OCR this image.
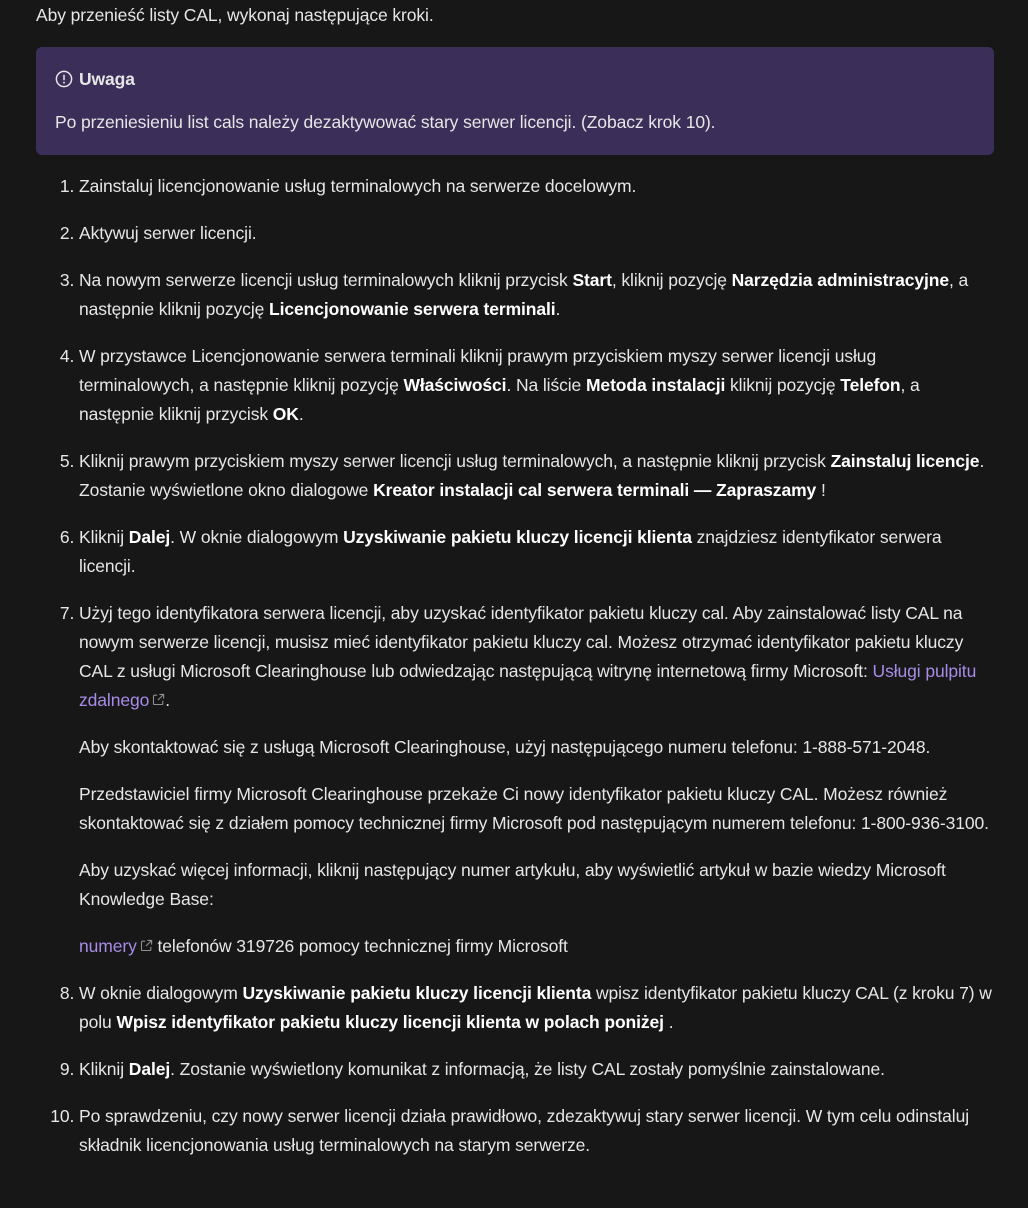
Aby przenieść listy CAL, wykonaj następujące kroki.

Uwaga

Po przeniesieniu list cals należy dezaktywować stary serwer licencji. (Zobacz krok 10).

1. Zainstaluj licencjonowanie usług terminalowych na serwerze docelowym.
2. Aktywuj serwer licencji.
3. Na nowym serwerze licencji usług terminalowych kliknij przycisk Start, kliknij pozycję Narzędzia administracyjne, a następnie kliknij pozycję Licencjonowanie serwera terminali.
4. W przystawce Licencjonowanie serwera terminali kliknij prawym przyciskiem myszy serwer licencji usług terminalowych, a następnie kliknij pozycję Właściwości. Na liście Metoda instalacji kliknij pozycję Telefon, a następnie kliknij przycisk OK.
5. Kliknij prawym przyciskiem myszy serwer licencji usług terminalowych, a następnie kliknij przycisk Zainstaluj licencje. Zostanie wyświetlone okno dialogowe Kreator instalacji cal serwera terminali — Zapraszamy !
6. Kliknij Dalej. W oknie dialogowym Uzyskiwanie pakietu kluczy licencji klienta znajdziesz identyfikator serwera licencji.
7. Użyj tego identyfikatora serwera licencji, aby uzyskać identyfikator pakietu kluczy cal. Aby zainstalować listy CAL na nowym serwerze licencji, musisz mieć identyfikator pakietu kluczy cal. Możesz otrzymać identyfikator pakietu kluczy CAL z usługi Microsoft Clearinghouse lub odwiedzając następującą witrynę internetową firmy Microsoft: Usługi pulpitu zdalnego .

Aby skontaktować się z usługą Microsoft Clearinghouse, użyj następującego numeru telefonu: 1-888-571-2048.

Przedstawiciel firmy Microsoft Clearinghouse przekaże Ci nowy identyfikator pakietu kluczy CAL. Możesz również skontaktować się z działem pomocy technicznej firmy Microsoft pod następującym numerem telefonu: 1-800-936-3100.

Aby uzyskać więcej informacji, kliknij następujący numer artykułu, aby wyświetlić artykuł w bazie wiedzy Microsoft Knowledge Base:

numery
telefonów 319726 pomocy technicznej firmy Microsoft

8. W oknie dialogowym Uzyskiwanie pakietu kluczy licencji klienta wpisz identyfikator pakietu kluczy CAL (z kroku 7) w polu Wpisz identyfikator pakietu kluczy licencji klienta w polach poniżej .
9. Kliknij Dalej. Zostanie wyświetlony komunikat z informacją, że listy CAL zostały pomyślnie zainstalowane.
10. Po sprawdzeniu, czy nowy serwer licencji działa prawidłowo, zdezaktywuj stary serwer licencji. W tym celu odinstaluj składnik licencjonowania usług terminalowych na starym serwerze.
